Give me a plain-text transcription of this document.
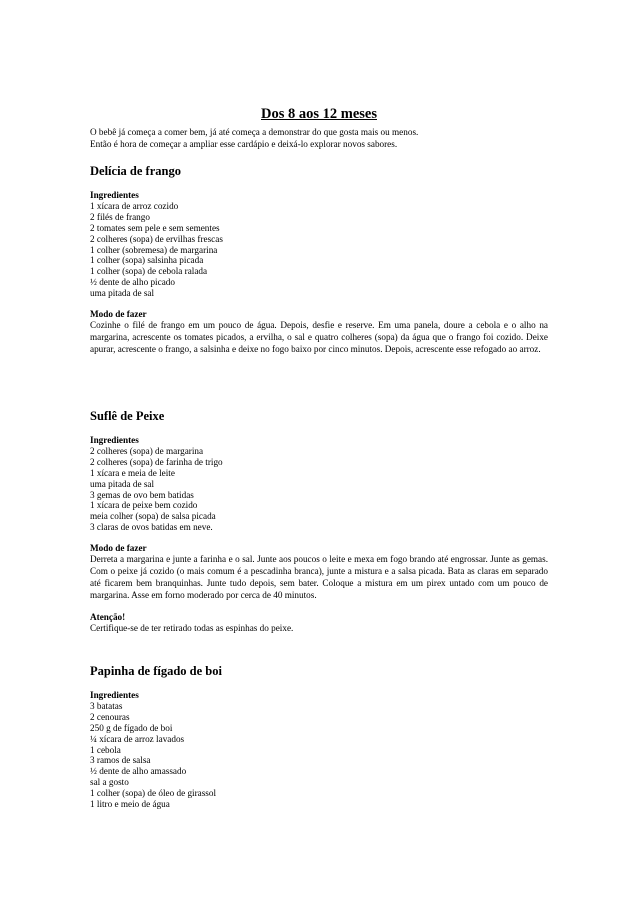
Dos 8 aos 12 meses
O bebê já começa a comer bem, já até começa a demonstrar do que gosta mais ou menos.
Então é hora de começar a ampliar esse cardápio e deixá-lo explorar novos sabores.
Delícia de frango

Ingredientes

1 xícara de arroz cozido
2 filés de frango
2 tomates sem pele e sem sementes
2 colheres (sopa) de ervilhas frescas
1 colher (sobremesa) de margarina
1 colher (sopa) salsinha picada
1 colher (sopa) de cebola ralada
½ dente de alho picado
uma pitada de sal

Modo de fazer

Cozinhe o filé de frango em um pouco de água. Depois, desfie e reserve. Em uma panela, doure a cebola e o alho na margarina, acrescente os tomates picados, a ervilha, o sal e quatro colheres (sopa) da água que o frango foi cozido. Deixe apurar, acrescente o frango, a salsinha e deixe no fogo baixo por cinco minutos. Depois, acrescente esse refogado ao arroz.

Suflê de Peixe

Ingredientes

2 colheres (sopa) de margarina
2 colheres (sopa) de farinha de trigo
1 xícara e meia de leite
uma pitada de sal
3 gemas de ovo bem batidas
1 xícara de peixe bem cozido
meia colher (sopa) de salsa picada
3 claras de ovos batidas em neve.

Modo de fazer

Derreta a margarina e junte a farinha e o sal. Junte aos poucos o leite e mexa em fogo brando até engrossar. Junte as gemas. Com o peixe já cozido (o mais comum é a pescadinha branca), junte a mistura e a salsa picada. Bata as claras em separado até ficarem bem branquinhas. Junte tudo depois, sem bater. Coloque a mistura em um pirex untado com um pouco de margarina. Asse em forno moderado por cerca de 40 minutos.

Atenção!

Certifique-se de ter retirado todas as espinhas do peixe.

Papinha de fígado de boi

Ingredientes

3 batatas
2 cenouras
250 g de fígado de boi
¼ xícara de arroz lavados
1 cebola
3 ramos de salsa
½ dente de alho amassado
sal a gosto
1 colher (sopa) de óleo de girassol
1 litro e meio de água
